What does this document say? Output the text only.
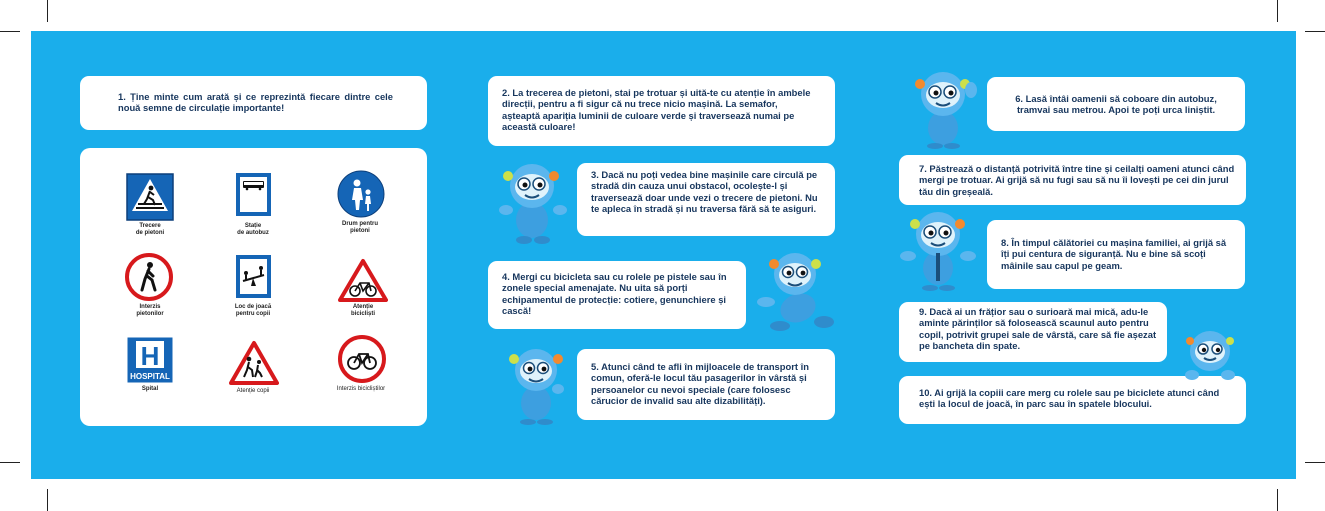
1. Ține minte cum arată și ce reprezintă fiecare dintre cele nouă semne de circulație importante!
2. La trecerea de pietoni, stai pe trotuar și uită-te cu atenție în ambele direcții, pentru a fi sigur că nu trece nicio mașină. La semafor, așteaptă apariția luminii de culoare verde și traversează numai pe această culoare!
3. Dacă nu poți vedea bine mașinile care circulă pe stradă din cauza unui obstacol, ocolește-l și traversează doar unde vezi o trecere de pietoni. Nu te apleca în stradă și nu traversa fără să te asiguri.
4. Mergi cu bicicleta sau cu rolele pe pistele sau în zonele special amenajate. Nu uita să porți echipamentul de protecție: cotiere, genunchiere și cască!
5. Atunci când te afli în mijloacele de transport în comun, oferă-le locul tău pasagerilor în vârstă și persoanelor cu nevoi speciale (care folosesc cărucior de invalid sau alte dizabilități).
6. Lasă întâi oamenii să coboare din autobuz, tramvai sau metrou. Apoi te poți urca liniștit.
7. Păstrează o distanță potrivită între tine și ceilalți oameni atunci când mergi pe trotuar. Ai grijă să nu fugi sau să nu îi lovești pe cei din jurul tău din greșeală.
8. În timpul călătoriei cu mașina familiei, ai grijă să îți pui centura de siguranță. Nu e bine să scoți mâinile sau capul pe geam.
9. Dacă ai un frățior sau o surioară mai mică, adu-le aminte părinților să folosească scaunul auto pentru copil, potrivit grupei sale de vârstă, care să fie așezat pe bancheta din spate.
10. Ai grijă la copiii care merg cu rolele sau pe biciclete atunci când ești la locul de joacă, în parc sau în spatele blocului.
Trecere
de pietoni
Stație
de autobuz
Drum pentru
pietoni
Interzis
pietonilor
Loc de joacă
pentru copii
Atenție
bicicliști
H
HOSPITAL
Spital	Atenție copii	Interzis bicicliștilor
